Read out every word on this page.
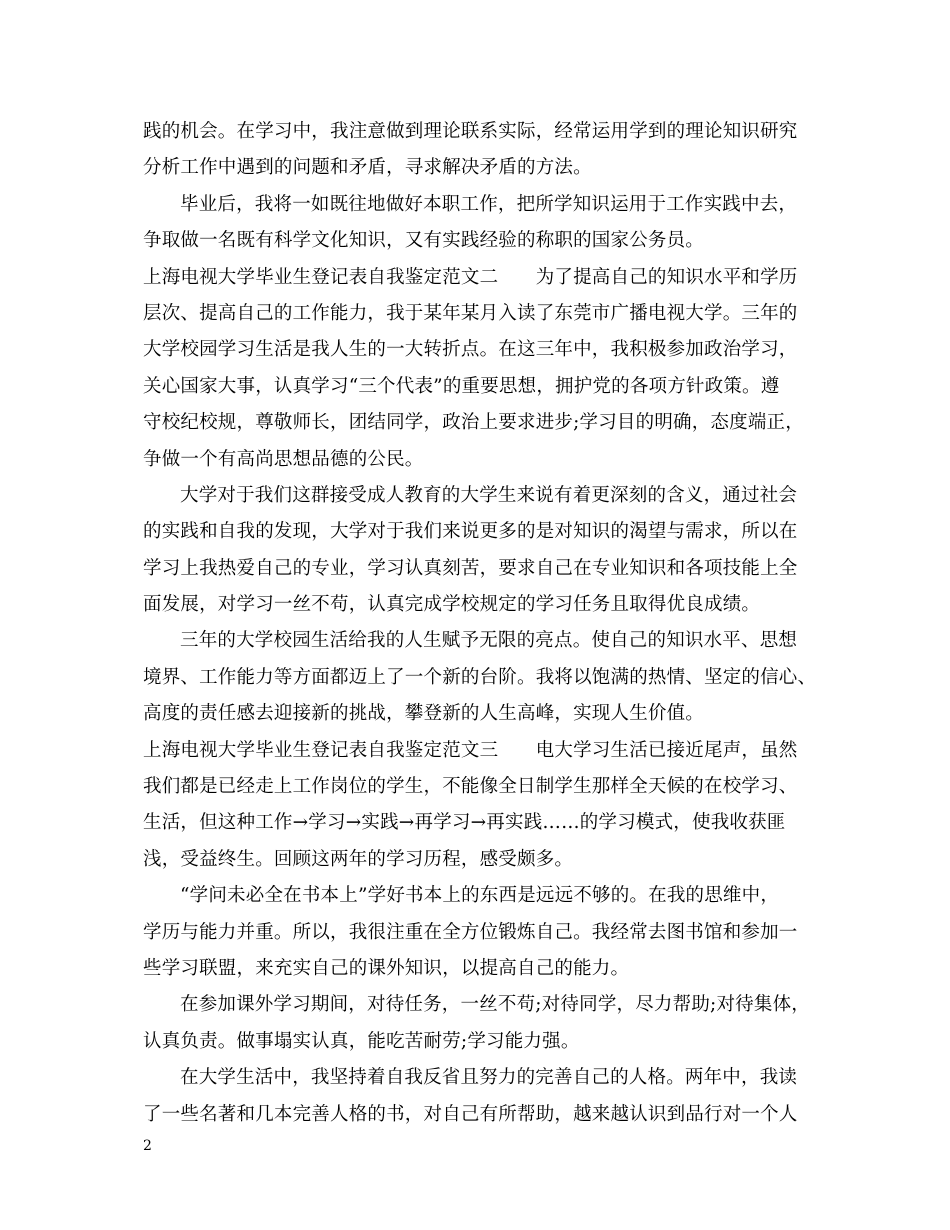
践的机会。在学习中，我注意做到理论联系实际，经常运用学到的理论知识研究
分析工作中遇到的问题和矛盾，寻求解决矛盾的方法。
毕业后，我将一如既往地做好本职工作，把所学知识运用于工作实践中去，
争取做一名既有科学文化知识，又有实践经验的称职的国家公务员。
上海电视大学毕业生登记表自我鉴定范文二　　为了提高自己的知识水平和学历
层次、提高自己的工作能力，我于某年某月入读了东莞市广播电视大学。三年的
大学校园学习生活是我人生的一大转折点。在这三年中，我积极参加政治学习，
关心国家大事，认真学习“三个代表”的重要思想，拥护党的各项方针政策。遵
守校纪校规，尊敬师长，团结同学，政治上要求进步;学习目的明确，态度端正，
争做一个有高尚思想品德的公民。
大学对于我们这群接受成人教育的大学生来说有着更深刻的含义，通过社会
的实践和自我的发现，大学对于我们来说更多的是对知识的渴望与需求，所以在
学习上我热爱自己的专业，学习认真刻苦，要求自己在专业知识和各项技能上全
面发展，对学习一丝不苟，认真完成学校规定的学习任务且取得优良成绩。
三年的大学校园生活给我的人生赋予无限的亮点。使自己的知识水平、思想
境界、工作能力等方面都迈上了一个新的台阶。我将以饱满的热情、坚定的信心、
高度的责任感去迎接新的挑战，攀登新的人生高峰，实现人生价值。
上海电视大学毕业生登记表自我鉴定范文三　　电大学习生活已接近尾声，虽然
我们都是已经走上工作岗位的学生，不能像全日制学生那样全天候的在校学习、
生活，但这种工作→学习→实践→再学习→再实践……的学习模式，使我收获匪
浅，受益终生。回顾这两年的学习历程，感受颇多。
“学问未必全在书本上”学好书本上的东西是远远不够的。在我的思维中，
学历与能力并重。所以，我很注重在全方位锻炼自己。我经常去图书馆和参加一
些学习联盟，来充实自己的课外知识，以提高自己的能力。
在参加课外学习期间，对待任务，一丝不苟;对待同学，尽力帮助;对待集体，
认真负责。做事塌实认真，能吃苦耐劳;学习能力强。
在大学生活中，我坚持着自我反省且努力的完善自己的人格。两年中，我读
了一些名著和几本完善人格的书，对自己有所帮助，越来越认识到品行对一个人
2
